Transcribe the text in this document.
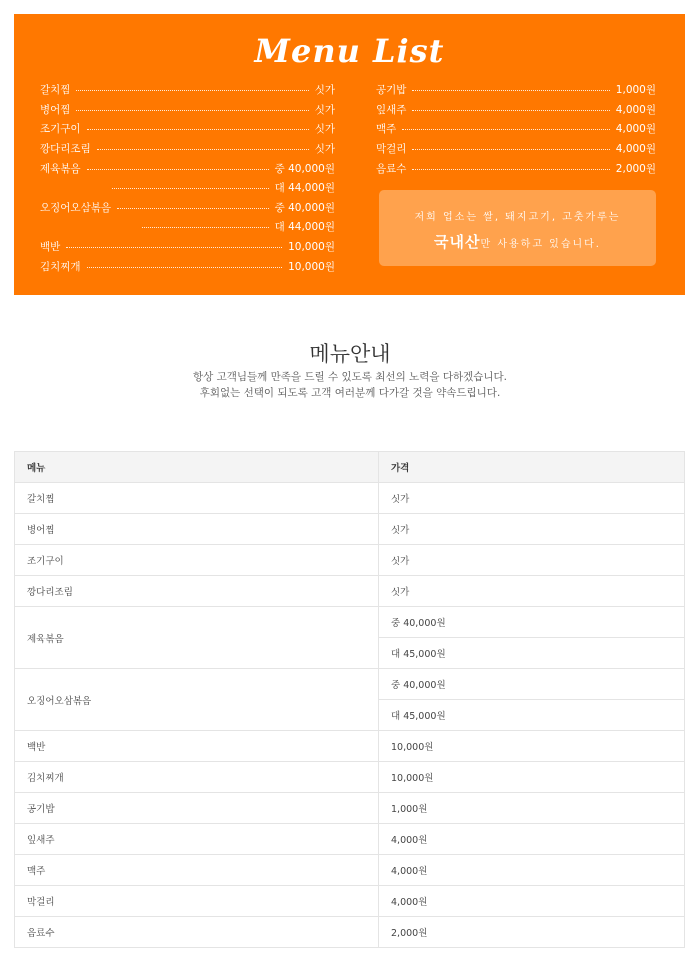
Menu List
갈치찜	싯가
병어찜	싯가
조기구이	싯가
깡다리조림	싯가
제육볶음	중 40,000원
대 44,000원
오징어오삼볶음	중 40,000원
대 44,000원
백반	10,000원
김치찌개	10,000원
공기밥	1,000원
잎새주	4,000원
맥주	4,000원
막걸리	4,000원
음료수	2,000원
저희 업소는 쌀, 돼지고기, 고춧가루는
국내산만 사용하고 있습니다.
메뉴안내
항상 고객님들께 만족을 드릴 수 있도록 최선의 노력을 다하겠습니다.
후회없는 선택이 되도록 고객 여러분께 다가갈 것을 약속드립니다.
메뉴	가격
갈치찜	싯가
병어찜	싯가
조기구이	싯가
깡다리조림	싯가
제육볶음	중 40,000원
	대 45,000원
오징어오삼볶음	중 40,000원
	대 45,000원
백반	10,000원
김치찌개	10,000원
공기밥	1,000원
잎새주	4,000원
맥주	4,000원
막걸리	4,000원
음료수	2,000원
